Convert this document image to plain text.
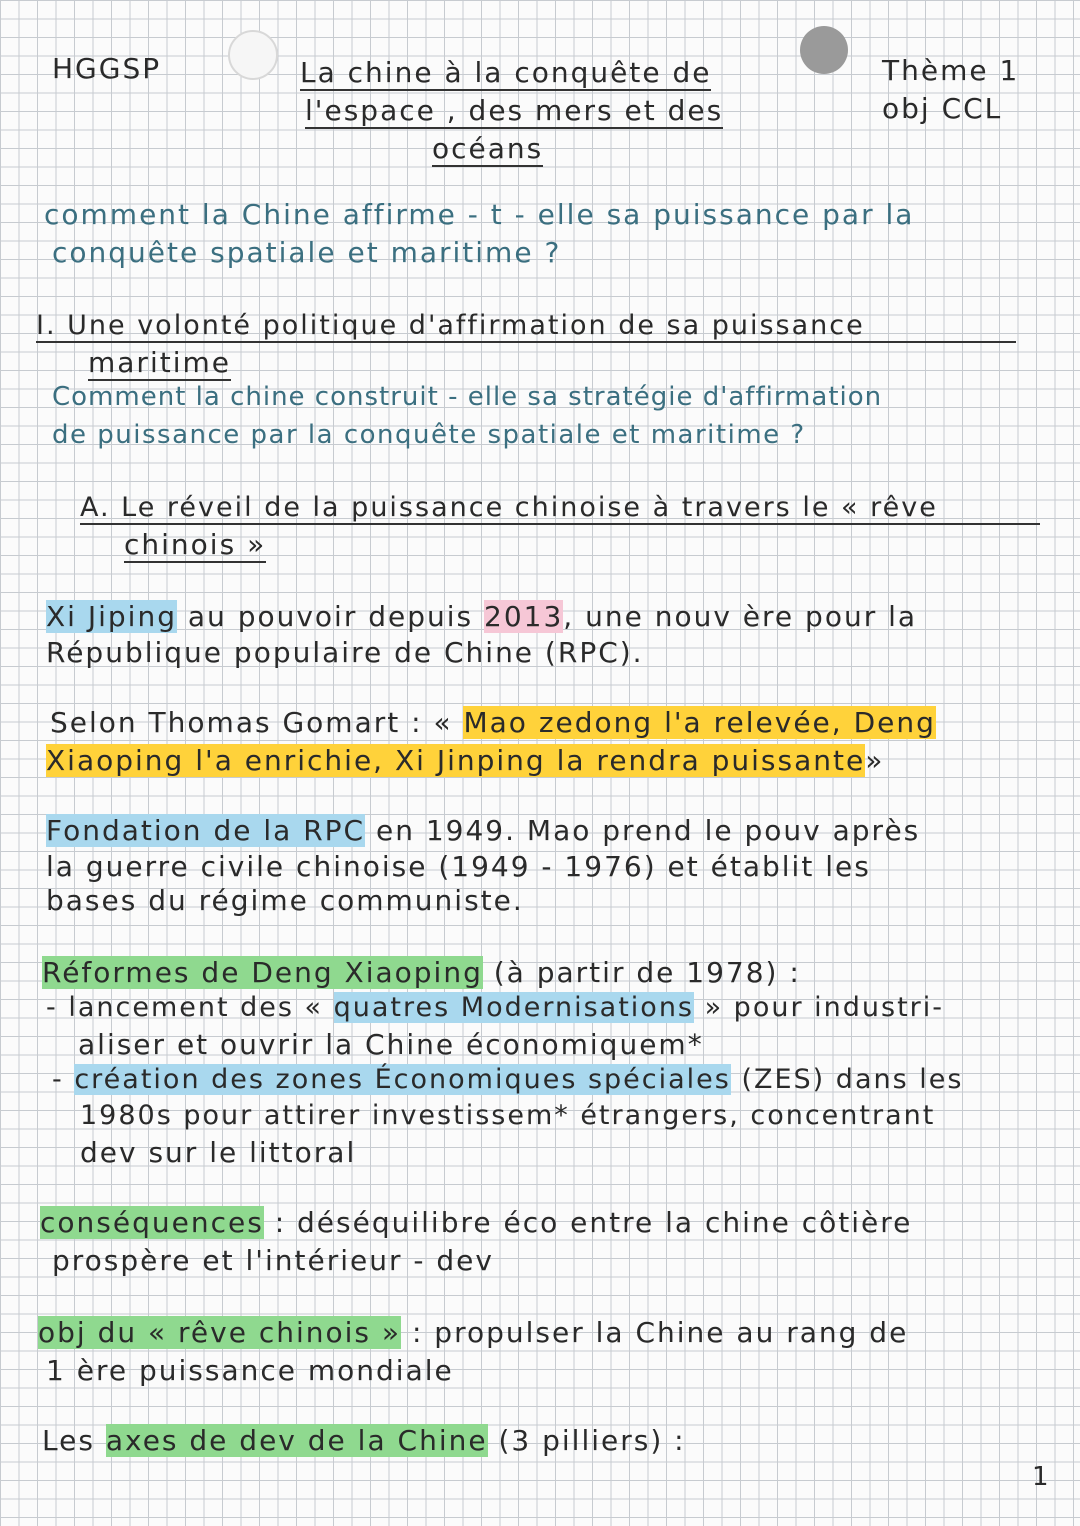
HGGSP	La chine à la conquête de
l'espace , des mers et des
océans
Thème 1
obj CCL
comment la Chine affirme - t - elle sa puissance par la
conquête spatiale et maritime ?
I. Une volonté politique d'affirmation de sa puissance
maritime
Comment la chine construit - elle sa stratégie d'affirmation
de puissance par la conquête spatiale et maritime ?
A. Le réveil de la puissance chinoise à travers le « rêve
chinois »
Xi Jiping au pouvoir depuis 2013, une nouv ère pour la
République populaire de Chine (RPC).
Selon Thomas Gomart : « Mao zedong l'a relevée, Deng
Xiaoping l'a enrichie, Xi Jinping la rendra puissante»
Fondation de la RPC en 1949. Mao prend le pouv après
la guerre civile chinoise (1949 - 1976) et établit les
bases du régime communiste.
Réformes de Deng Xiaoping (à partir de 1978) :
- lancement des « quatres Modernisations » pour industri-
aliser et ouvrir la Chine économiquem*
- création des zones Économiques spéciales (ZES) dans les
1980s pour attirer investissem* étrangers, concentrant
dev sur le littoral
conséquences : déséquilibre éco entre la chine côtière
prospère et l'intérieur - dev
obj du « rêve chinois » : propulser la Chine au rang de
1 ère puissance mondiale
Les axes de dev de la Chine (3 pilliers) :
1
